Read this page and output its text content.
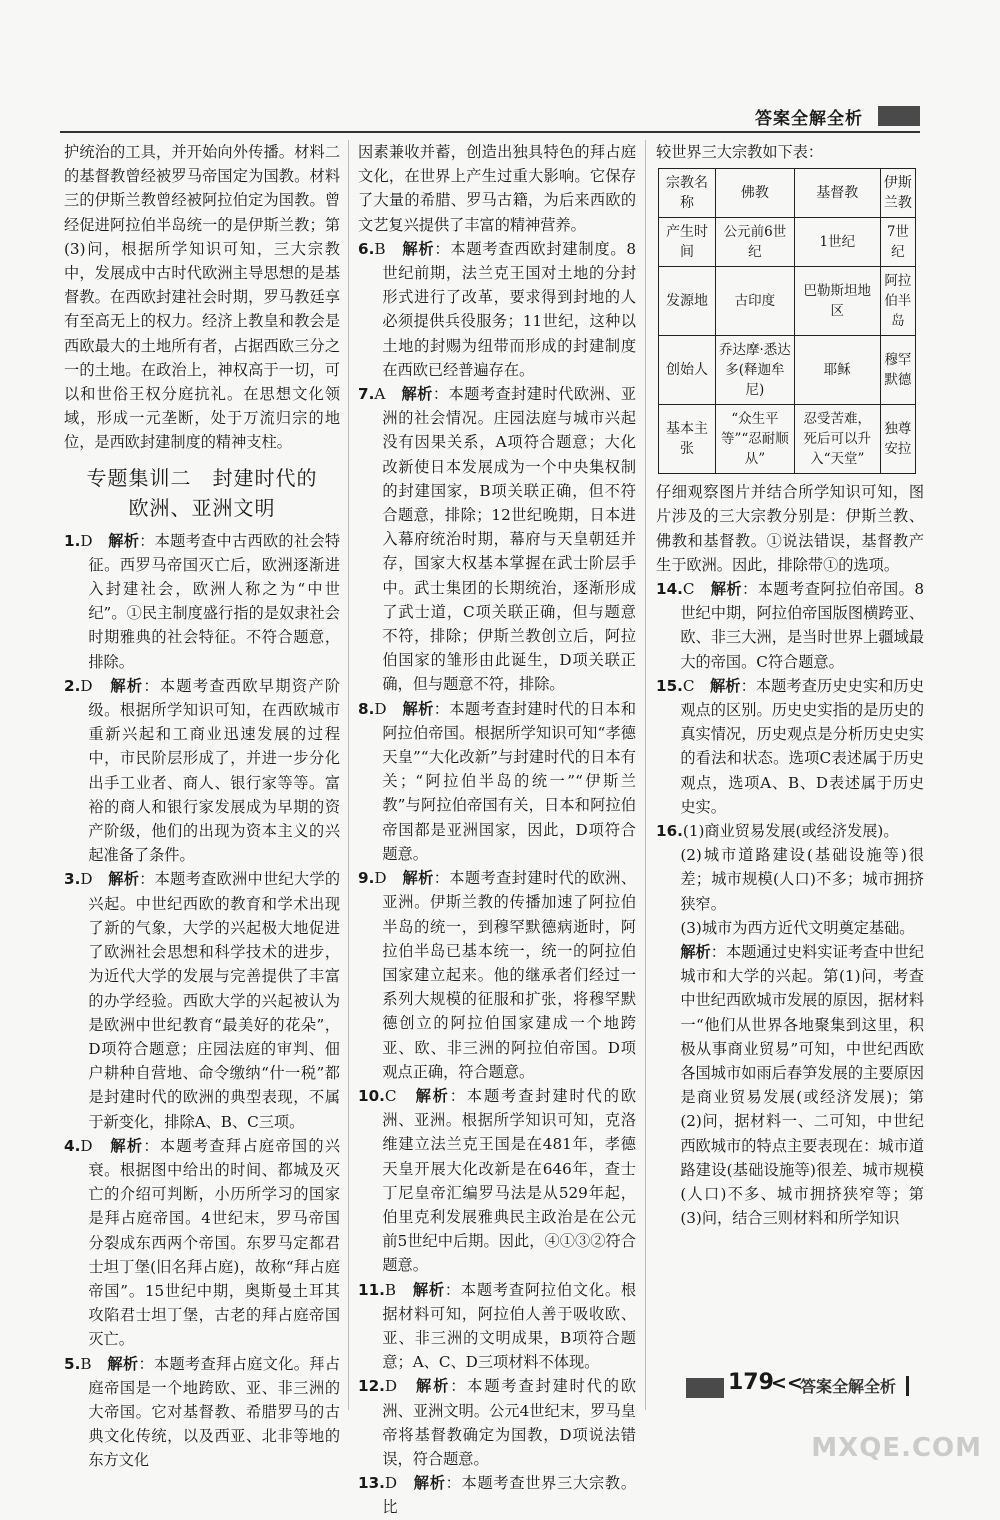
答案全解全析

护统治的工具，并开始向外传播。材料二的基督教曾经被罗马帝国定为国教。材料三的伊斯兰教曾经被阿拉伯定为国教。曾经促进阿拉伯半岛统一的是伊斯兰教；第(3)问，根据所学知识可知，三大宗教中，发展成中古时代欧洲主导思想的是基督教。在西欧封建社会时期，罗马教廷享有至高无上的权力。经济上教皇和教会是西欧最大的土地所有者，占据西欧三分之一的土地。在政治上，神权高于一切，可以和世俗王权分庭抗礼。在思想文化领域，形成一元垄断，处于万流归宗的地位，是西欧封建制度的精神支柱。

专题集训二　封建时代的
欧洲、亚洲文明

1.D　 解析：本题考查中古西欧的社会特征。西罗马帝国灭亡后，欧洲逐渐进入封建社会，欧洲人称之为“中世纪”。①民主制度盛行指的是奴隶社会时期雅典的社会特征。不符合题意，排除。

2.D　 解析：本题考查西欧早期资产阶级。根据所学知识可知，在西欧城市重新兴起和工商业迅速发展的过程中，市民阶层形成了，并进一步分化出手工业者、商人、银行家等等。富裕的商人和银行家发展成为早期的资产阶级，他们的出现为资本主义的兴起准备了条件。

3.D　 解析：本题考查欧洲中世纪大学的兴起。中世纪西欧的教育和学术出现了新的气象，大学的兴起极大地促进了欧洲社会思想和科学技术的进步，为近代大学的发展与完善提供了丰富的办学经验。西欧大学的兴起被认为是欧洲中世纪教育“最美好的花朵”，D项符合题意；庄园法庭的审判、佃户耕种自营地、命令缴纳“什一税”都是封建时代的欧洲的典型表现，不属于新变化，排除A、B、C三项。

4.D　 解析：本题考查拜占庭帝国的兴衰。根据图中给出的时间、都城及灭亡的介绍可判断，小历所学习的国家是拜占庭帝国。4世纪末，罗马帝国分裂成东西两个帝国。东罗马定都君士坦丁堡(旧名拜占庭)，故称“拜占庭帝国”。15世纪中期，奥斯曼土耳其攻陷君士坦丁堡，古老的拜占庭帝国灭亡。

5.B　 解析：本题考查拜占庭文化。拜占庭帝国是一个地跨欧、亚、非三洲的大帝国。它对基督教、希腊罗马的古典文化传统，以及西亚、北非等地的东方文化

因素兼收并蓄，创造出独具特色的拜占庭文化，在世界上产生过重大影响。它保存了大量的希腊、罗马古籍，为后来西欧的文艺复兴提供了丰富的精神营养。

6.B　 解析：本题考查西欧封建制度。8世纪前期，法兰克王国对土地的分封形式进行了改革，要求得到封地的人必须提供兵役服务；11世纪，这种以土地的封赐为纽带而形成的封建制度在西欧已经普遍存在。

7.A　 解析：本题考查封建时代欧洲、亚洲的社会情况。庄园法庭与城市兴起没有因果关系，A项符合题意；大化改新使日本发展成为一个中央集权制的封建国家，B项关联正确，但不符合题意，排除；12世纪晚期，日本进入幕府统治时期，幕府与天皇朝廷并存，国家大权基本掌握在武士阶层手中。武士集团的长期统治，逐渐形成了武士道，C项关联正确，但与题意不符，排除；伊斯兰教创立后，阿拉伯国家的雏形由此诞生，D项关联正确，但与题意不符，排除。

8.D　 解析：本题考查封建时代的日本和阿拉伯帝国。根据所学知识可知“孝德天皇”“大化改新”与封建时代的日本有关；“阿拉伯半岛的统一”“伊斯兰教”与阿拉伯帝国有关，日本和阿拉伯帝国都是亚洲国家，因此，D项符合题意。

9.D　 解析：本题考查封建时代的欧洲、亚洲。伊斯兰教的传播加速了阿拉伯半岛的统一，到穆罕默德病逝时，阿拉伯半岛已基本统一，统一的阿拉伯国家建立起来。他的继承者们经过一系列大规模的征服和扩张，将穆罕默德创立的阿拉伯国家建成一个地跨亚、欧、非三洲的阿拉伯帝国。D项观点正确，符合题意。

10.C　 解析：本题考查封建时代的欧洲、亚洲。根据所学知识可知，克洛维建立法兰克王国是在481年，孝德天皇开展大化改新是在646年，查士丁尼皇帝汇编罗马法是从529年起，伯里克利发展雅典民主政治是在公元前5世纪中后期。因此，④①③②符合题意。

11.B　 解析：本题考查阿拉伯文化。根据材料可知，阿拉伯人善于吸收欧、亚、非三洲的文明成果，B项符合题意；A、C、D三项材料不体现。

12.D　 解析：本题考查封建时代的欧洲、亚洲文明。公元4世纪末，罗马皇帝将基督教确定为国教，D项说法错误，符合题意。

13.D　 解析：本题考查世界三大宗教。比

较世界三大宗教如下表：

宗教名称	佛教	基督教	伊斯兰教
产生时间	公元前6世纪	1世纪	7世纪
发源地	古印度	巴勒斯坦地区	阿拉伯半岛
创始人	乔达摩·悉达多(释迦牟尼)	耶稣	穆罕默德
基本主张	“众生平等”“忍耐顺从”	忍受苦难，死后可以升入“天堂”	独尊安拉

仔细观察图片并结合所学知识可知，图片涉及的三大宗教分别是：伊斯兰教、佛教和基督教。①说法错误，基督教产生于欧洲。因此，排除带①的选项。

14.C　 解析：本题考查阿拉伯帝国。8世纪中期，阿拉伯帝国版图横跨亚、欧、非三大洲，是当时世界上疆域最大的帝国。C符合题意。

15.C　 解析：本题考查历史史实和历史观点的区别。历史史实指的是历史的真实情况，历史观点是分析历史史实的看法和状态。选项C表述属于历史观点，选项A、B、D表述属于历史史实。

16.(1)商业贸易发展(或经济发展)。

(2)城市道路建设(基础设施等)很差；城市规模(人口)不多；城市拥挤狭窄。

(3)城市为西方近代文明奠定基础。

解析：本题通过史料实证考查中世纪城市和大学的兴起。第(1)问，考查中世纪西欧城市发展的原因，据材料一“他们从世界各地聚集到这里，积极从事商业贸易”可知，中世纪西欧各国城市如雨后春笋发展的主要原因是商业贸易发展(或经济发展)；第(2)问，据材料一、二可知，中世纪西欧城市的特点主要表现在：城市道路建设(基础设施等)很差、城市规模(人口)不多、城市拥挤狭窄等；第(3)问，结合三则材料和所学知识

179
<<
答案全解全析
MXQE.COM
